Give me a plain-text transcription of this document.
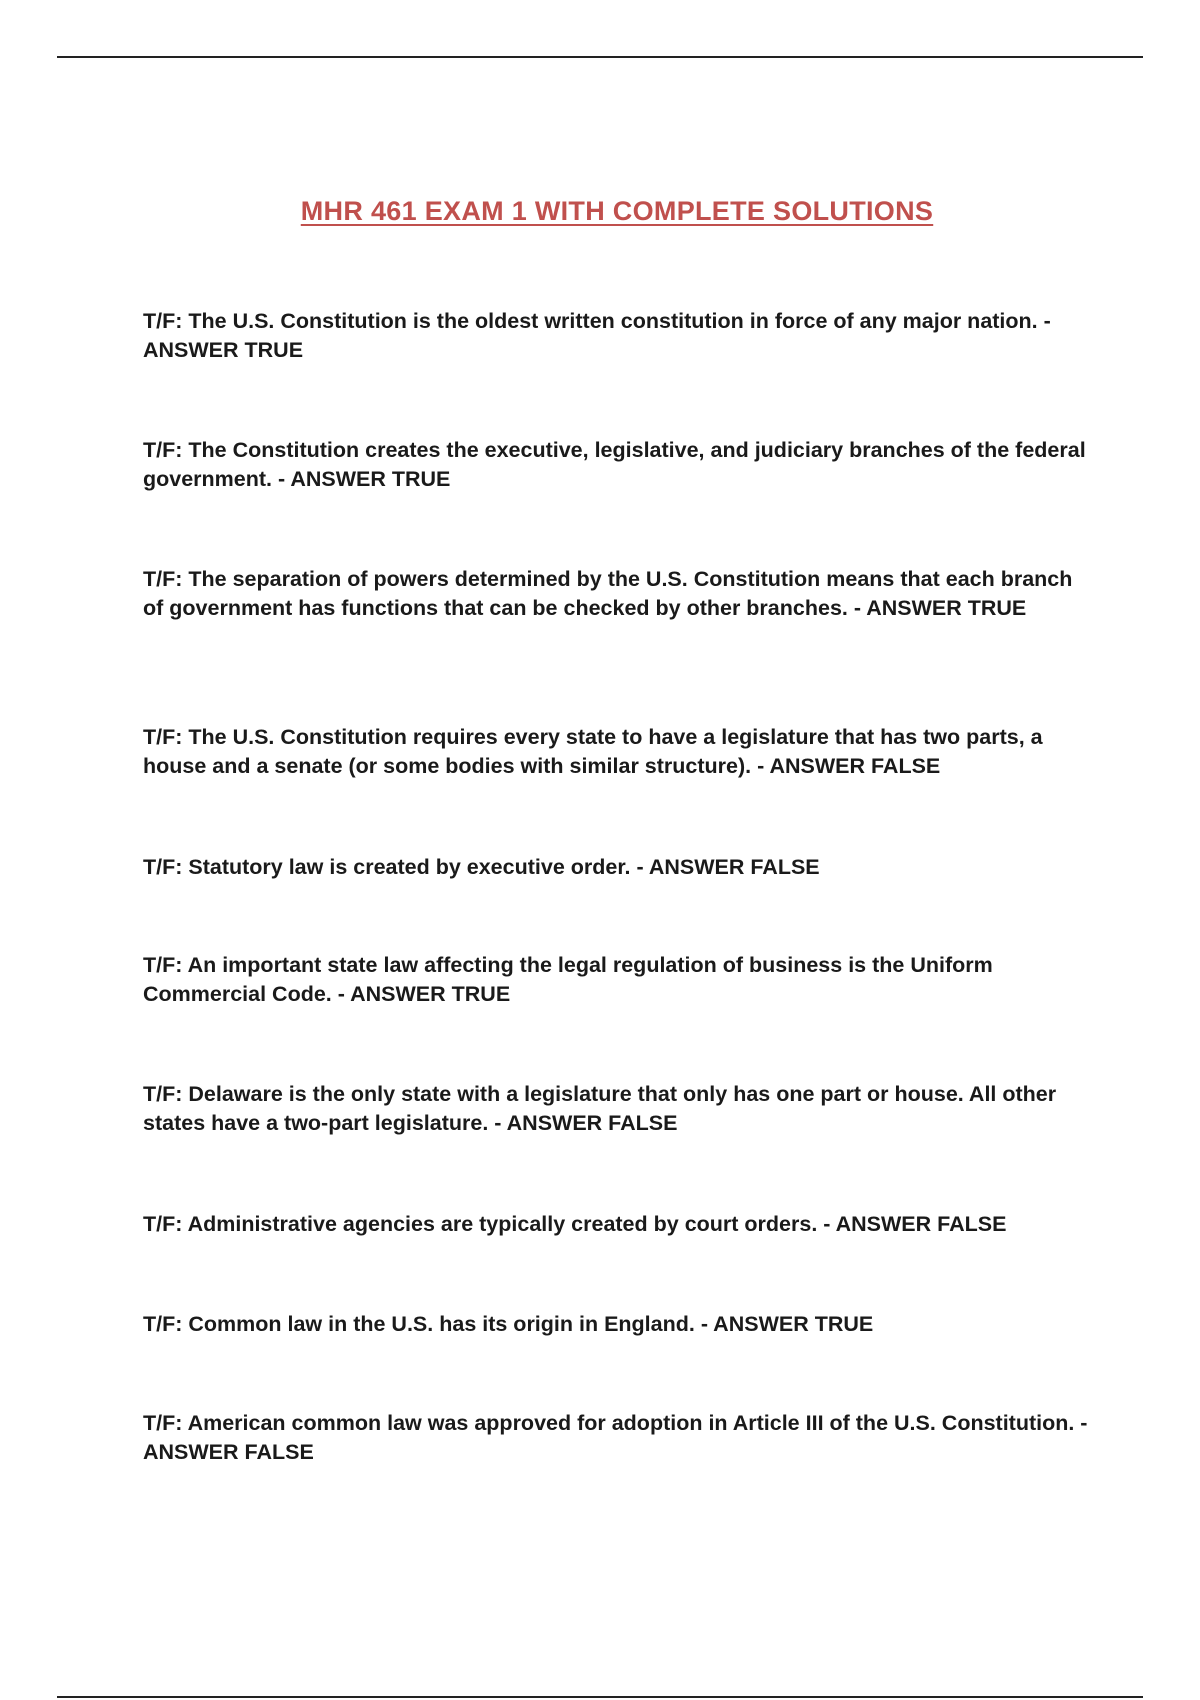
MHR 461 EXAM 1 WITH COMPLETE SOLUTIONS
T/F: The U.S. Constitution is the oldest written constitution in force of any major nation. - ANSWER TRUE
T/F: The Constitution creates the executive, legislative, and judiciary branches of the federal government. - ANSWER TRUE
T/F: The separation of powers determined by the U.S. Constitution means that each branch of government has functions that can be checked by other branches. - ANSWER TRUE
T/F: The U.S. Constitution requires every state to have a legislature that has two parts, a house and a senate (or some bodies with similar structure). - ANSWER FALSE
T/F: Statutory law is created by executive order. - ANSWER FALSE
T/F: An important state law affecting the legal regulation of business is the Uniform Commercial Code. - ANSWER TRUE
T/F: Delaware is the only state with a legislature that only has one part or house. All other states have a two-part legislature. - ANSWER FALSE
T/F: Administrative agencies are typically created by court orders. - ANSWER FALSE
T/F: Common law in the U.S. has its origin in England. - ANSWER TRUE
T/F: American common law was approved for adoption in Article III of the U.S. Constitution. - ANSWER FALSE
